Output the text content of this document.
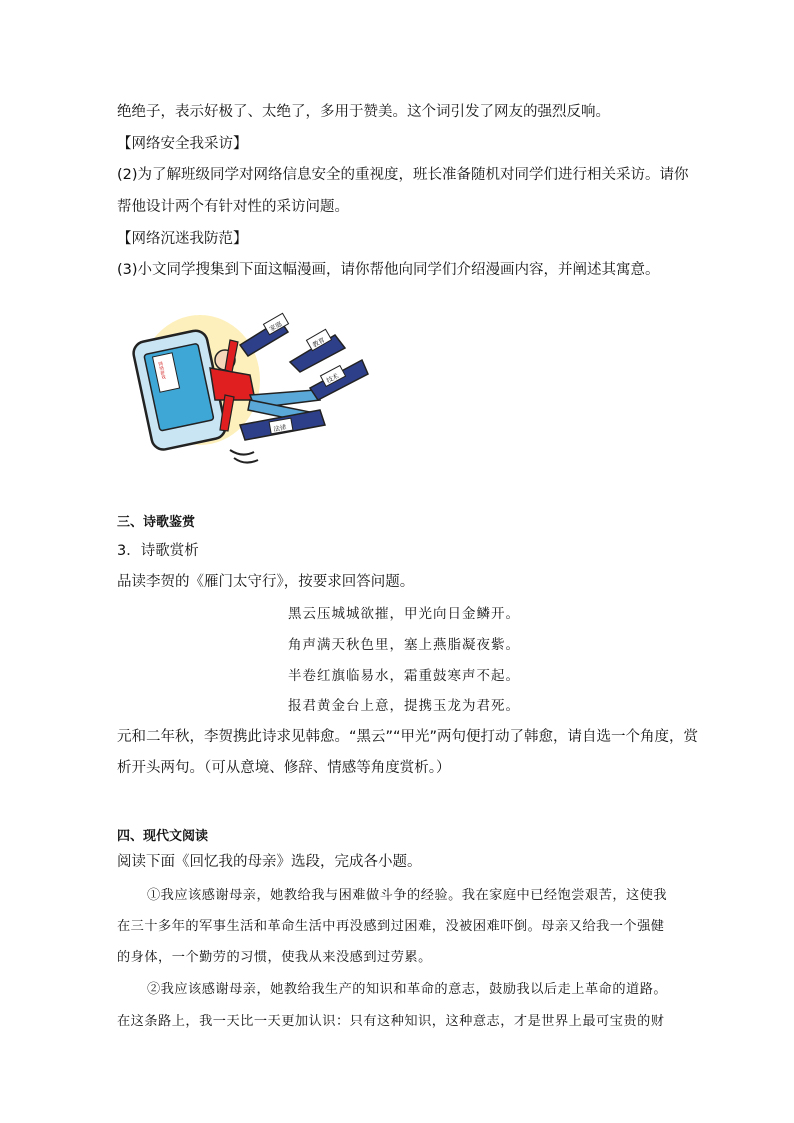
绝绝子，表示好极了、太绝了，多用于赞美。这个词引发了网友的强烈反响。
【网络安全我采访】
(2)为了解班级同学对网络信息安全的重视度，班长准备随机对同学们进行相关采访。请你
帮他设计两个有针对性的采访问题。
【网络沉迷我防范】
(3)小文同学搜集到下面这幅漫画，请你帮他向同学们介绍漫画内容，并阐述其寓意。
网络游戏
家庭
教育
技术
法律
三、诗歌鉴赏
3．诗歌赏析
品读李贺的《雁门太守行》，按要求回答问题。
黑云压城城欲摧，甲光向日金鳞开。
角声满天秋色里，塞上燕脂凝夜紫。
半卷红旗临易水，霜重鼓寒声不起。
报君黄金台上意，提携玉龙为君死。
元和二年秋，李贺携此诗求见韩愈。“黑云”“甲光”两句便打动了韩愈，请自选一个角度，赏
析开头两句。（可从意境、修辞、情感等角度赏析。）
四、现代文阅读
阅读下面《回忆我的母亲》选段，完成各小题。
①我应该感谢母亲，她教给我与困难做斗争的经验。我在家庭中已经饱尝艰苦，这使我
在三十多年的军事生活和革命生活中再没感到过困难，没被困难吓倒。母亲又给我一个强健
的身体，一个勤劳的习惯，使我从来没感到过劳累。
②我应该感谢母亲，她教给我生产的知识和革命的意志，鼓励我以后走上革命的道路。
在这条路上，我一天比一天更加认识：只有这种知识，这种意志，才是世界上最可宝贵的财
